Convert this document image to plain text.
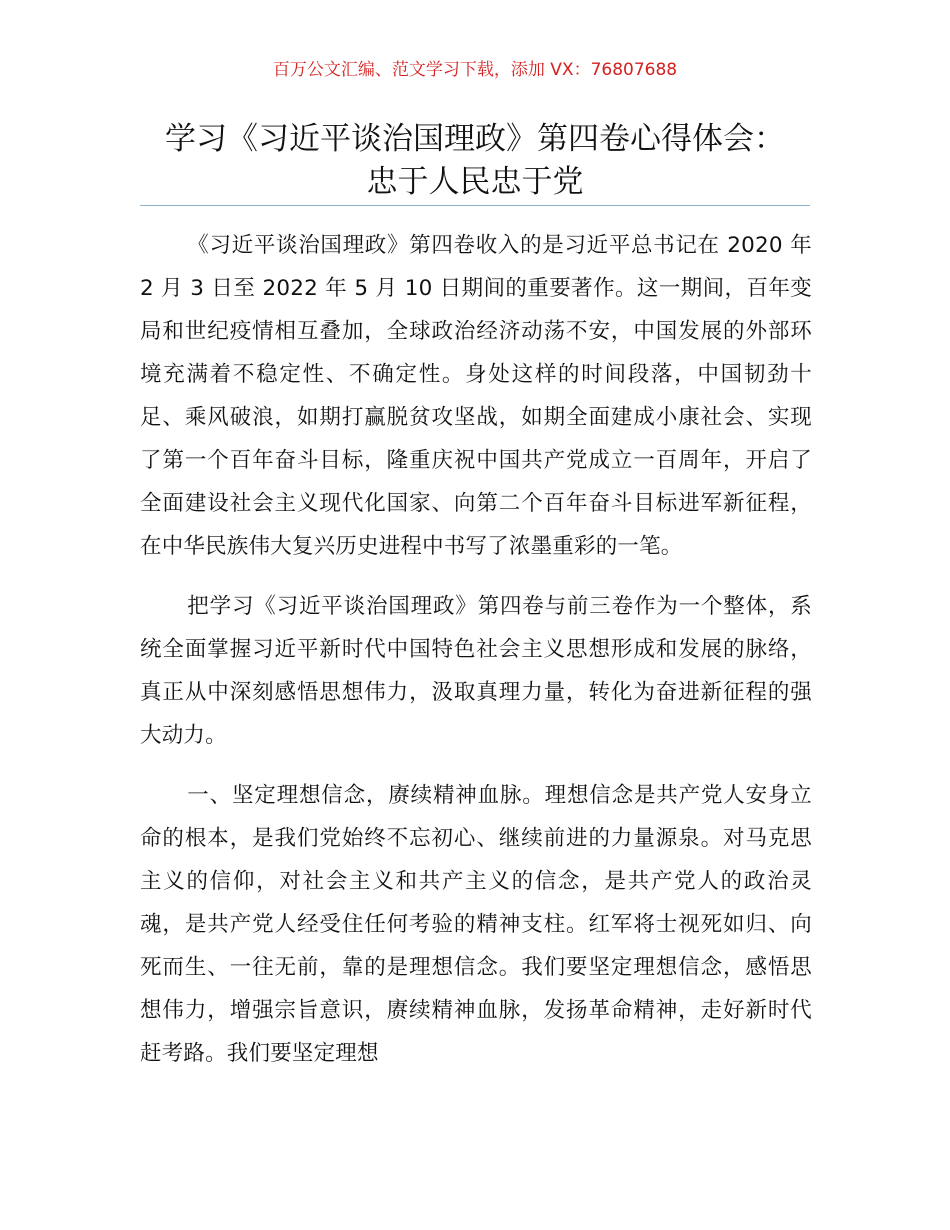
百万公文汇编、范文学习下载，添加 VX：76807688
学习《习近平谈治国理政》第四卷心得体会：
忠于人民忠于党

《习近平谈治国理政》第四卷收入的是习近平总书记在 2020 年 2 月 3 日至 2022 年 5 月 10 日期间的重要著作。这一期间，百年变局和世纪疫情相互叠加，全球政治经济动荡不安，中国发展的外部环境充满着不稳定性、不确定性。身处这样的时间段落，中国韧劲十足、乘风破浪，如期打赢脱贫攻坚战，如期全面建成小康社会、实现了第一个百年奋斗目标，隆重庆祝中国共产党成立一百周年，开启了全面建设社会主义现代化国家、向第二个百年奋斗目标进军新征程，在中华民族伟大复兴历史进程中书写了浓墨重彩的一笔。

把学习《习近平谈治国理政》第四卷与前三卷作为一个整体，系统全面掌握习近平新时代中国特色社会主义思想形成和发展的脉络，真正从中深刻感悟思想伟力，汲取真理力量，转化为奋进新征程的强大动力。

一、坚定理想信念，赓续精神血脉。理想信念是共产党人安身立命的根本，是我们党始终不忘初心、继续前进的力量源泉。对马克思主义的信仰，对社会主义和共产主义的信念，是共产党人的政治灵魂，是共产党人经受住任何考验的精神支柱。红军将士视死如归、向死而生、一往无前，靠的是理想信念。我们要坚定理想信念，感悟思想伟力，增强宗旨意识，赓续精神血脉，发扬革命精神，走好新时代赶考路。我们要坚定理想
